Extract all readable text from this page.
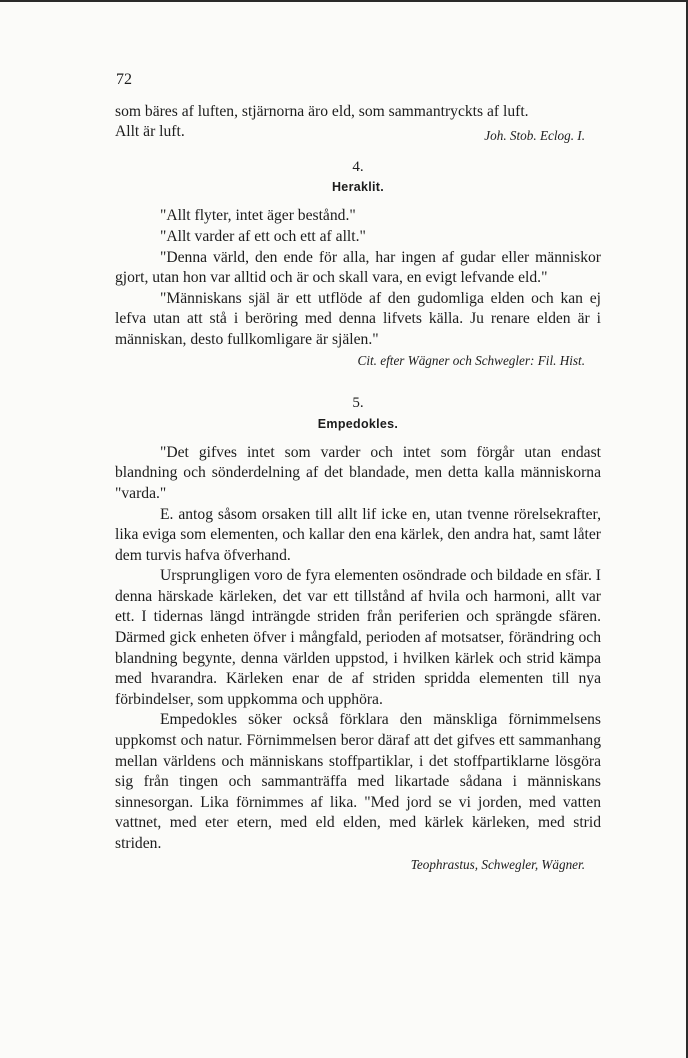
72

som bäres af luften, stjärnorna äro eld, som sammantryckts af luft.

Allt är luft.	Joh. Stob. Eclog. I.
4.
Heraklit.

"Allt flyter, intet äger bestånd."

"Allt varder af ett och ett af allt."

"Denna värld, den ende för alla, har ingen af gudar eller människor gjort, utan hon var alltid och är och skall vara, en evigt lefvande eld."

"Människans själ är ett utflöde af den gudomliga elden och kan ej lefva utan att stå i beröring med denna lifvets källa. Ju renare elden är i människan, desto fullkomligare är själen."

Cit. efter Wägner och Schwegler: Fil. Hist.

5.
Empedokles.

"Det gifves intet som varder och intet som förgår utan endast blandning och sönderdelning af det blandade, men detta kalla människorna "varda."

E. antog såsom orsaken till allt lif icke en, utan tvenne rörelsekrafter, lika eviga som elementen, och kallar den ena kärlek, den andra hat, samt låter dem turvis hafva öfverhand.

Ursprungligen voro de fyra elementen osöndrade och bildade en sfär. I denna härskade kärleken, det var ett tillstånd af hvila och harmoni, allt var ett. I tidernas längd inträngde striden från periferien och sprängde sfären. Därmed gick enheten öfver i mångfald, perioden af motsatser, förändring och blandning begynte, denna världen uppstod, i hvilken kärlek och strid kämpa med hvarandra. Kärleken enar de af striden spridda elementen till nya förbindelser, som uppkomma och upphöra.

Empedokles söker också förklara den mänskliga förnimmelsens uppkomst och natur. Förnimmelsen beror däraf att det gifves ett sammanhang mellan världens och människans stoffpartiklar, i det stoffpartiklarne lösgöra sig från tingen och sammanträffa med likartade sådana i människans sinnesorgan. Lika förnimmes af lika. "Med jord se vi jorden, med vatten vattnet, med eter etern, med eld elden, med kärlek kärleken, med strid striden.

Teophrastus, Schwegler, Wägner.
